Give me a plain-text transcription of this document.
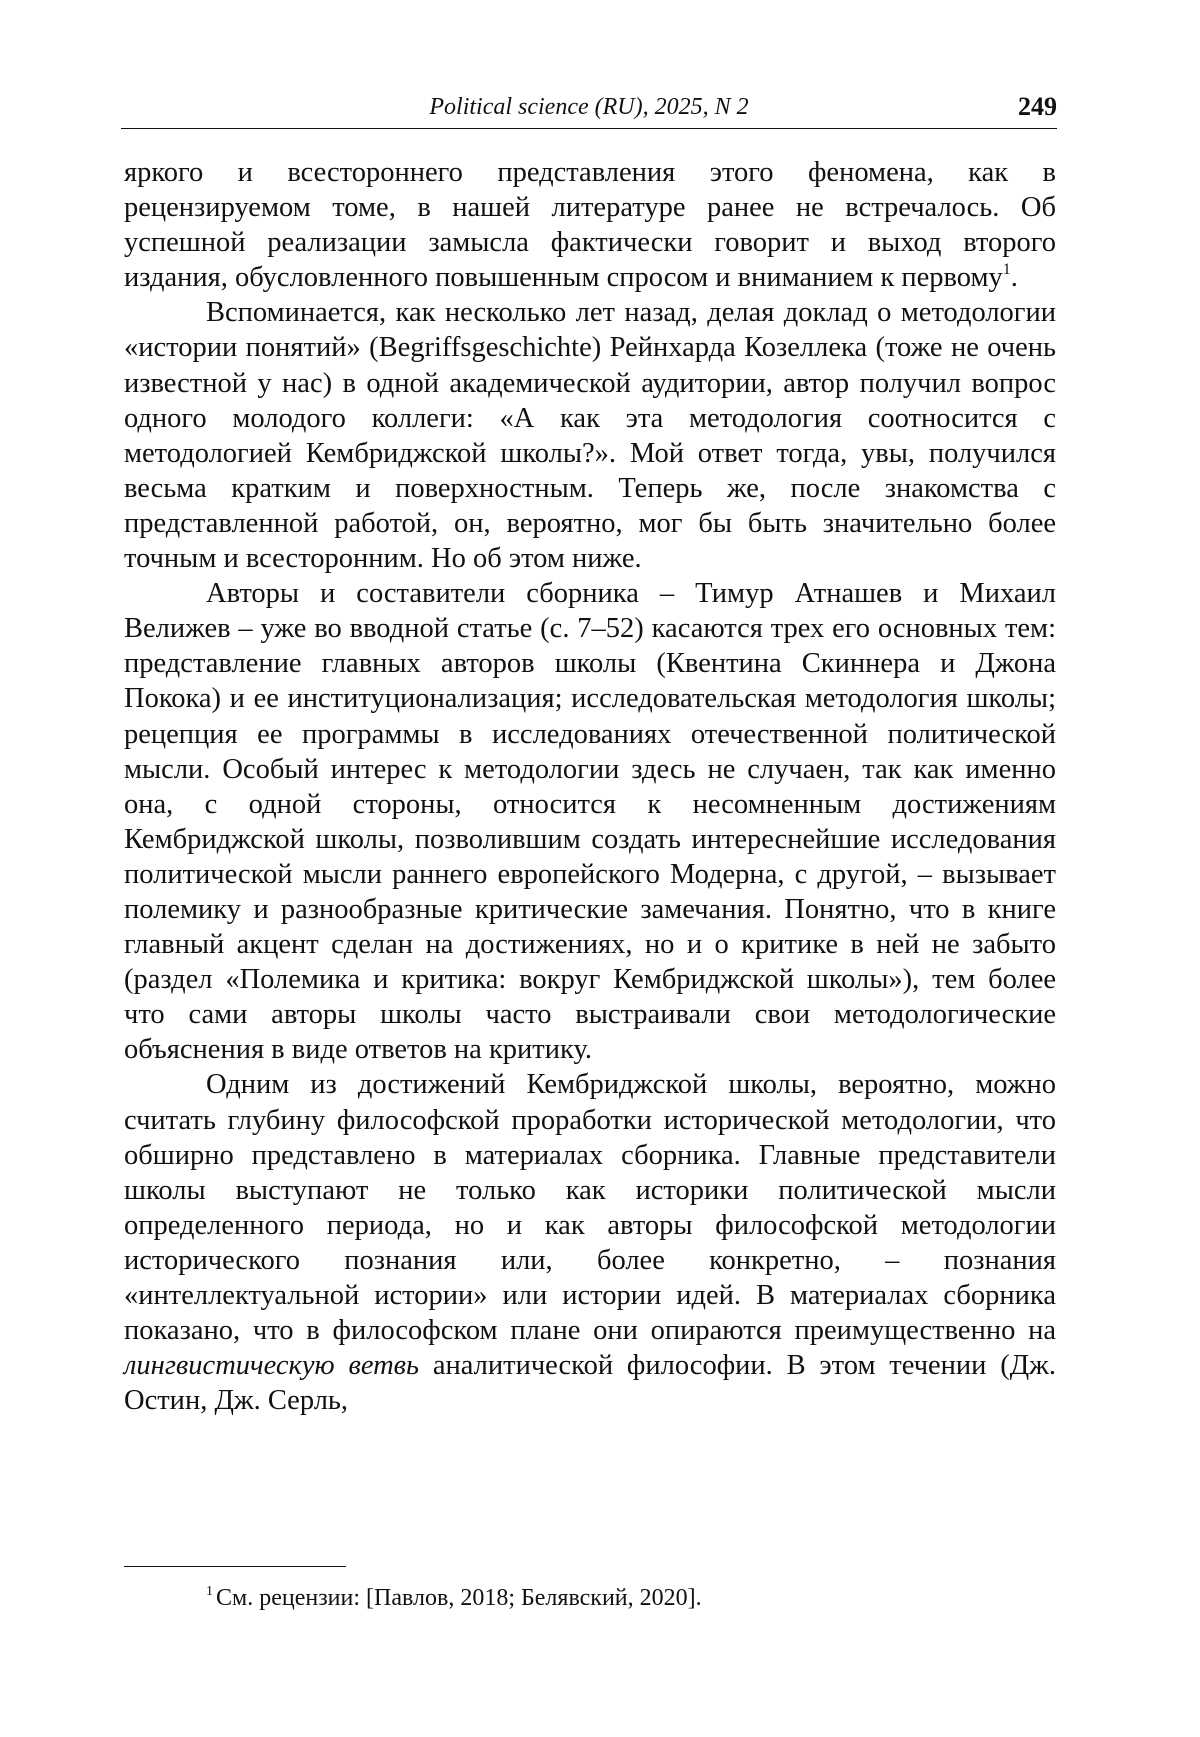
Political science (RU), 2025, N 2	249

яркого и всестороннего представления этого феномена, как в рецензируемом томе, в нашей литературе ранее не встречалось. Об успешной реализации замысла фактически говорит и выход второго издания, обусловленного повышенным спросом и вниманием к первому$^1$.

Вспоминается, как несколько лет назад, делая доклад о методологии «истории понятий» (Begriffsgeschichte) Рейнхарда Козеллека (тоже не очень известной у нас) в одной академической аудитории, автор получил вопрос одного молодого коллеги: «А как эта методология соотносится с методологией Кембриджской школы?». Мой ответ тогда, увы, получился весьма кратким и поверхностным. Теперь же, после знакомства с представленной работой, он, вероятно, мог бы быть значительно более точным и всесторонним. Но об этом ниже.

Авторы и составители сборника – Тимур Атнашев и Михаил Велижев – уже во вводной статье (с. 7–52) касаются трех его основных тем: представление главных авторов школы (Квентина Скиннера и Джона Покока) и ее институционализация; исследовательская методология школы; рецепция ее программы в исследованиях отечественной политической мысли. Особый интерес к методологии здесь не случаен, так как именно она, с одной стороны, относится к несомненным достижениям Кембриджской школы, позволившим создать интереснейшие исследования политической мысли раннего европейского Модерна, с другой, – вызывает полемику и разнообразные критические замечания. Понятно, что в книге главный акцент сделан на достижениях, но и о критике в ней не забыто (раздел «Полемика и критика: вокруг Кембриджской школы»), тем более что сами авторы школы часто выстраивали свои методологические объяснения в виде ответов на критику.

Одним из достижений Кембриджской школы, вероятно, можно считать глубину философской проработки исторической методологии, что обширно представлено в материалах сборника. Главные представители школы выступают не только как историки политической мысли определенного периода, но и как авторы философской методологии исторического познания или, более конкретно, – познания «интеллектуальной истории» или истории идей. В материалах сборника показано, что в философском плане они опираются преимущественно на лингвистическую ветвь аналитической философии. В этом течении (Дж. Остин, Дж. Серль,

$^1$ См. рецензии: [Павлов, 2018; Белявский, 2020].
